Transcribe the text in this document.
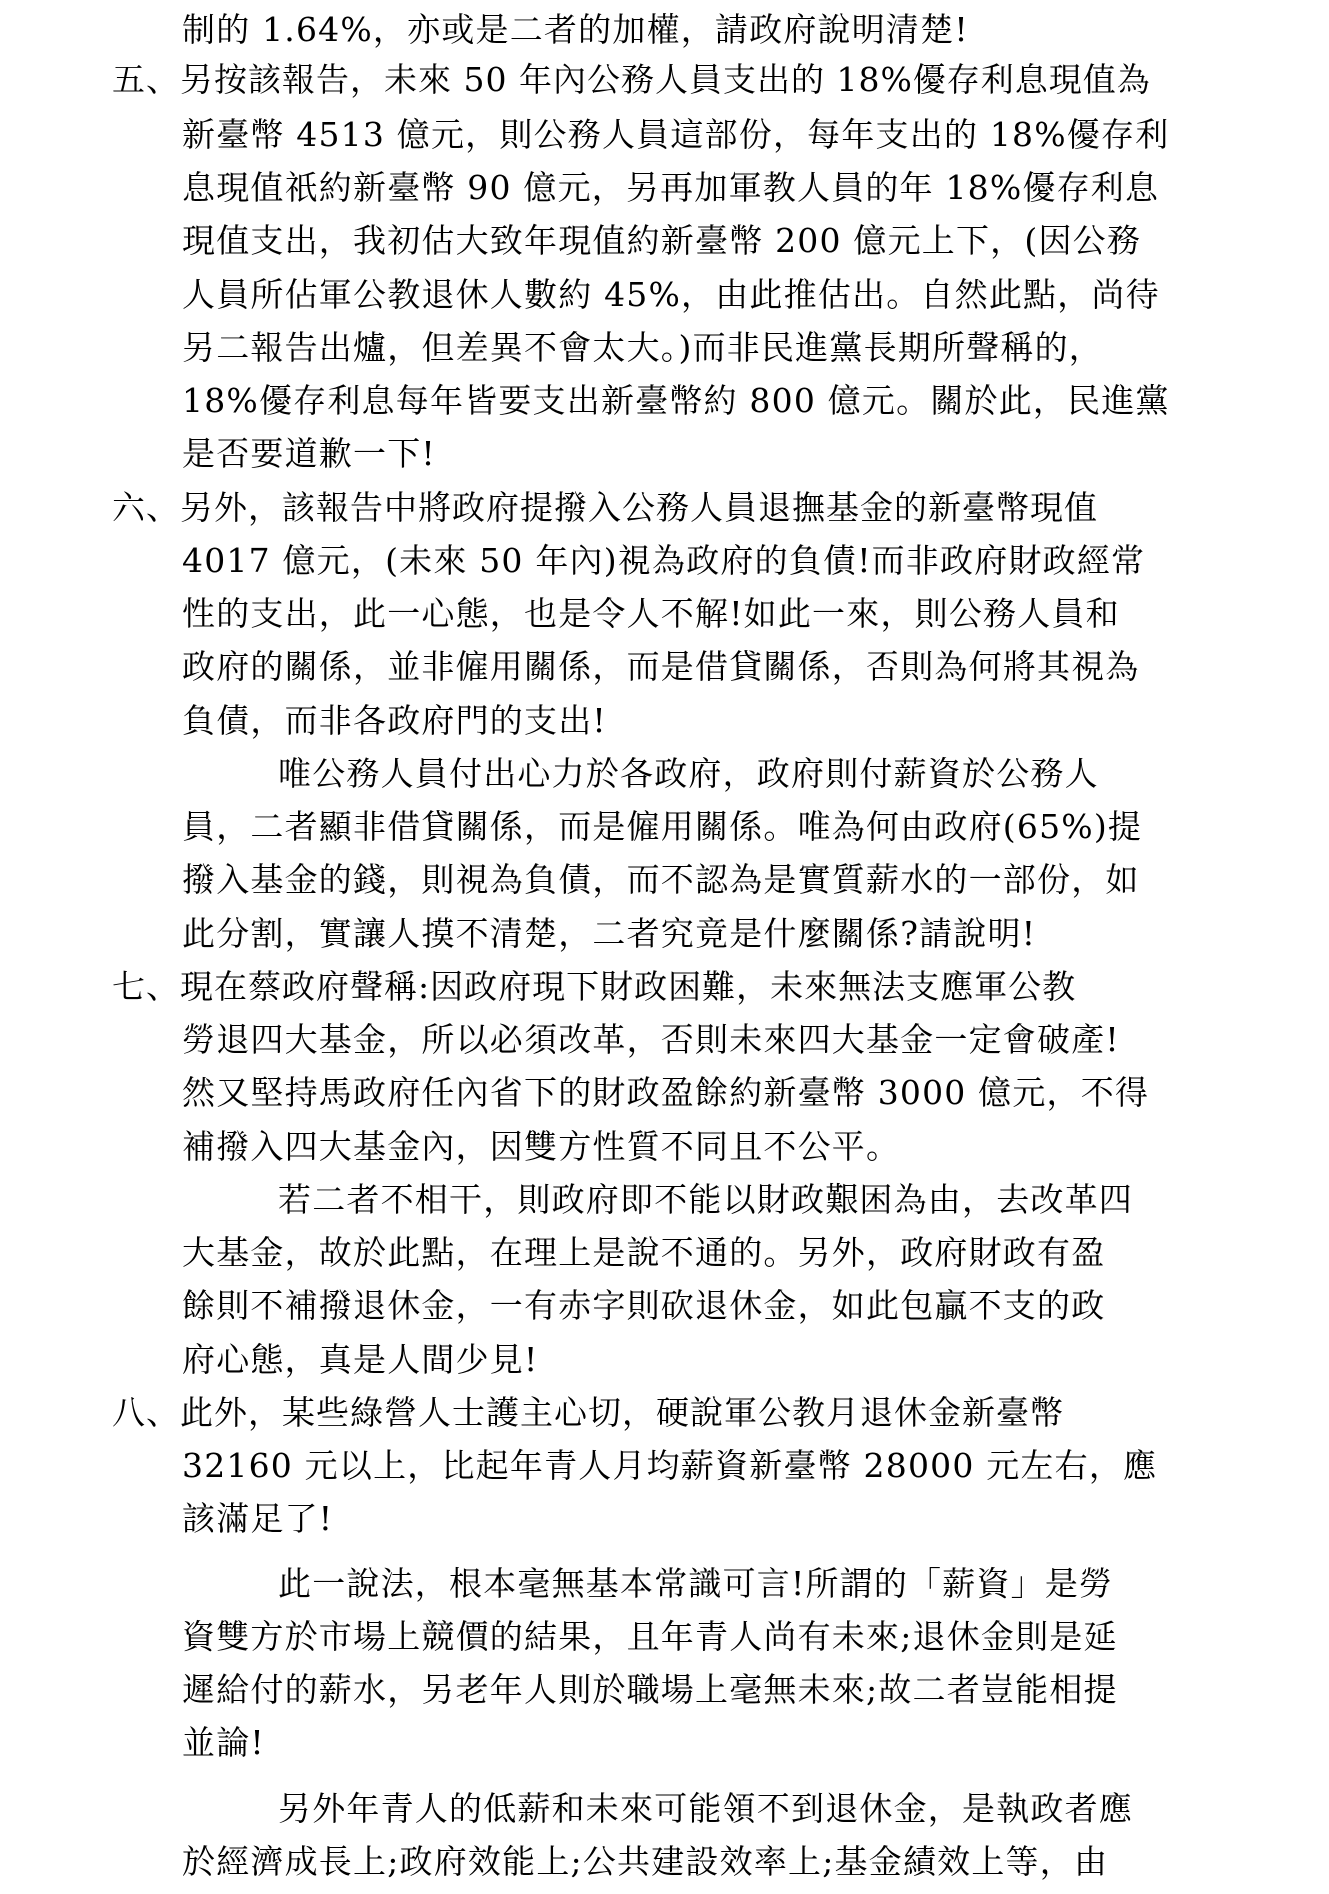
制的 1.64%，亦或是二者的加權，請政府說明清楚!
五、另按該報告，未來 50 年內公務人員支出的 18%優存利息現值為
新臺幣 4513 億元，則公務人員這部份，每年支出的 18%優存利
息現值祇約新臺幣 90 億元，另再加軍教人員的年 18%優存利息
現值支出，我初估大致年現值約新臺幣 200 億元上下，(因公務
人員所佔軍公教退休人數約 45%，由此推估出。自然此點，尚待
另二報告出爐，但差異不會太大。)而非民進黨長期所聲稱的，
18%優存利息每年皆要支出新臺幣約 800 億元。關於此，民進黨
是否要道歉一下!
六、另外，該報告中將政府提撥入公務人員退撫基金的新臺幣現值
4017 億元，(未來 50 年內)視為政府的負債!而非政府財政經常
性的支出，此一心態，也是令人不解!如此一來，則公務人員和
政府的關係，並非僱用關係，而是借貸關係，否則為何將其視為
負債，而非各政府門的支出!
唯公務人員付出心力於各政府，政府則付薪資於公務人
員，二者顯非借貸關係，而是僱用關係。唯為何由政府(65%)提
撥入基金的錢，則視為負債，而不認為是實質薪水的一部份，如
此分割，實讓人摸不清楚，二者究竟是什麼關係?請說明!
七、現在蔡政府聲稱:因政府現下財政困難，未來無法支應軍公教
勞退四大基金，所以必須改革，否則未來四大基金一定會破產!
然又堅持馬政府任內省下的財政盈餘約新臺幣 3000 億元，不得
補撥入四大基金內，因雙方性質不同且不公平。
若二者不相干，則政府即不能以財政艱困為由，去改革四
大基金，故於此點，在理上是說不通的。另外，政府財政有盈
餘則不補撥退休金，一有赤字則砍退休金，如此包贏不支的政
府心態，真是人間少見!
八、此外，某些綠營人士護主心切，硬說軍公教月退休金新臺幣
32160 元以上，比起年青人月均薪資新臺幣 28000 元左右，應
該滿足了!
此一說法，根本毫無基本常識可言!所謂的「薪資」是勞
資雙方於市場上競價的結果，且年青人尚有未來;退休金則是延
遲給付的薪水，另老年人則於職場上毫無未來;故二者豈能相提
並論!
另外年青人的低薪和未來可能領不到退休金，是執政者應
於經濟成長上;政府效能上;公共建設效率上;基金績效上等，由
